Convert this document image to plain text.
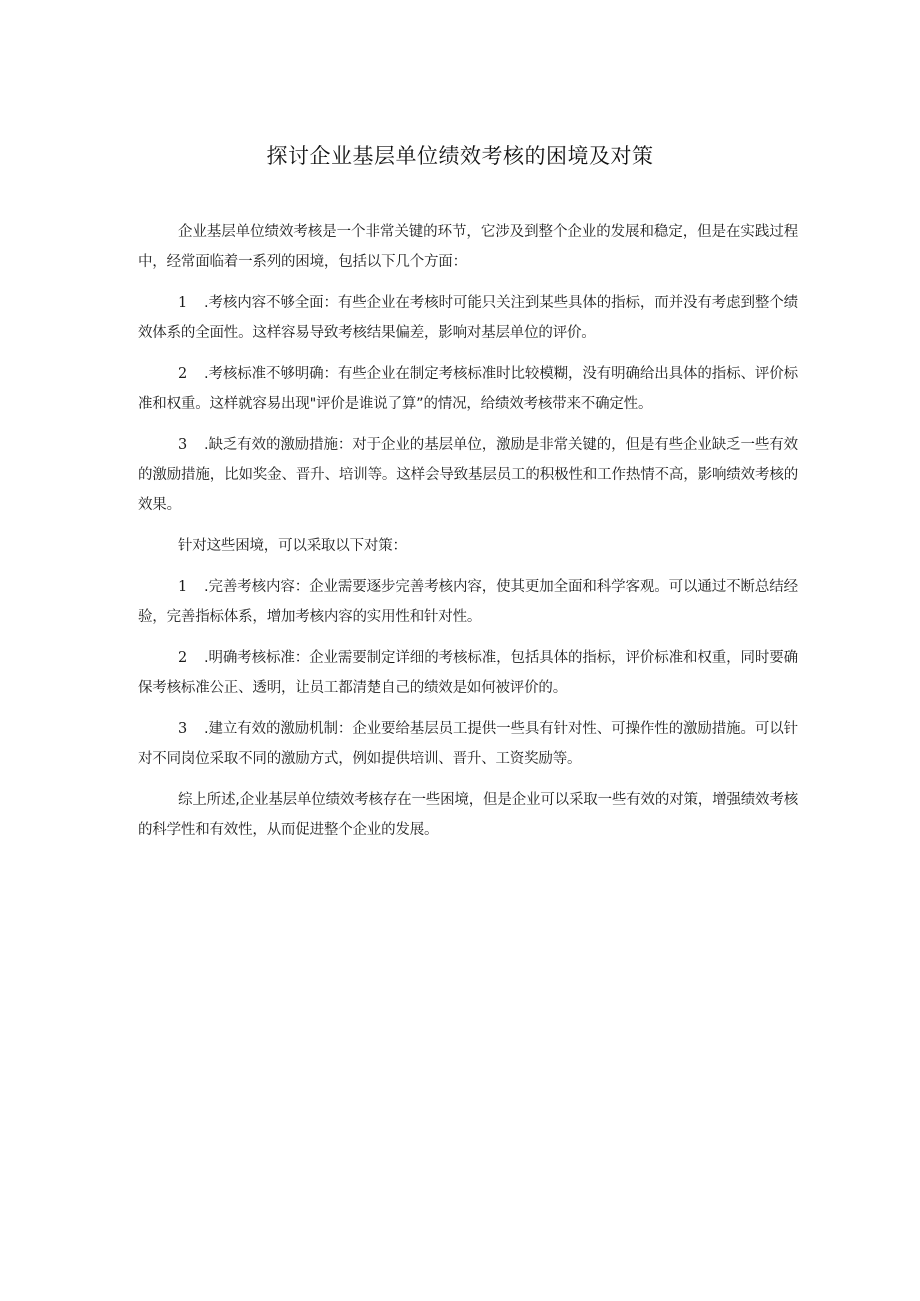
探讨企业基层单位绩效考核的困境及对策

企业基层单位绩效考核是一个非常关键的环节，它涉及到整个企业的发展和稳定，但是在实践过程中，经常面临着一系列的困境，包括以下几个方面：

1 .考核内容不够全面：有些企业在考核时可能只关注到某些具体的指标，而并没有考虑到整个绩效体系的全面性。这样容易导致考核结果偏差，影响对基层单位的评价。

2 .考核标准不够明确：有些企业在制定考核标准时比较模糊，没有明确给出具体的指标、评价标准和权重。这样就容易出现"评价是谁说了算”的情况，给绩效考核带来不确定性。

3 .缺乏有效的激励措施：对于企业的基层单位，激励是非常关键的，但是有些企业缺乏一些有效的激励措施，比如奖金、晋升、培训等。这样会导致基层员工的积极性和工作热情不高，影响绩效考核的效果。

针对这些困境，可以采取以下对策：

1 .完善考核内容：企业需要逐步完善考核内容，使其更加全面和科学客观。可以通过不断总结经验，完善指标体系，增加考核内容的实用性和针对性。

2 .明确考核标准：企业需要制定详细的考核标准，包括具体的指标，评价标准和权重，同时要确保考核标准公正、透明，让员工都清楚自己的绩效是如何被评价的。

3 .建立有效的激励机制：企业要给基层员工提供一些具有针对性、可操作性的激励措施。可以针对不同岗位采取不同的激励方式，例如提供培训、晋升、工资奖励等。

综上所述,企业基层单位绩效考核存在一些困境，但是企业可以采取一些有效的对策，增强绩效考核的科学性和有效性，从而促进整个企业的发展。
